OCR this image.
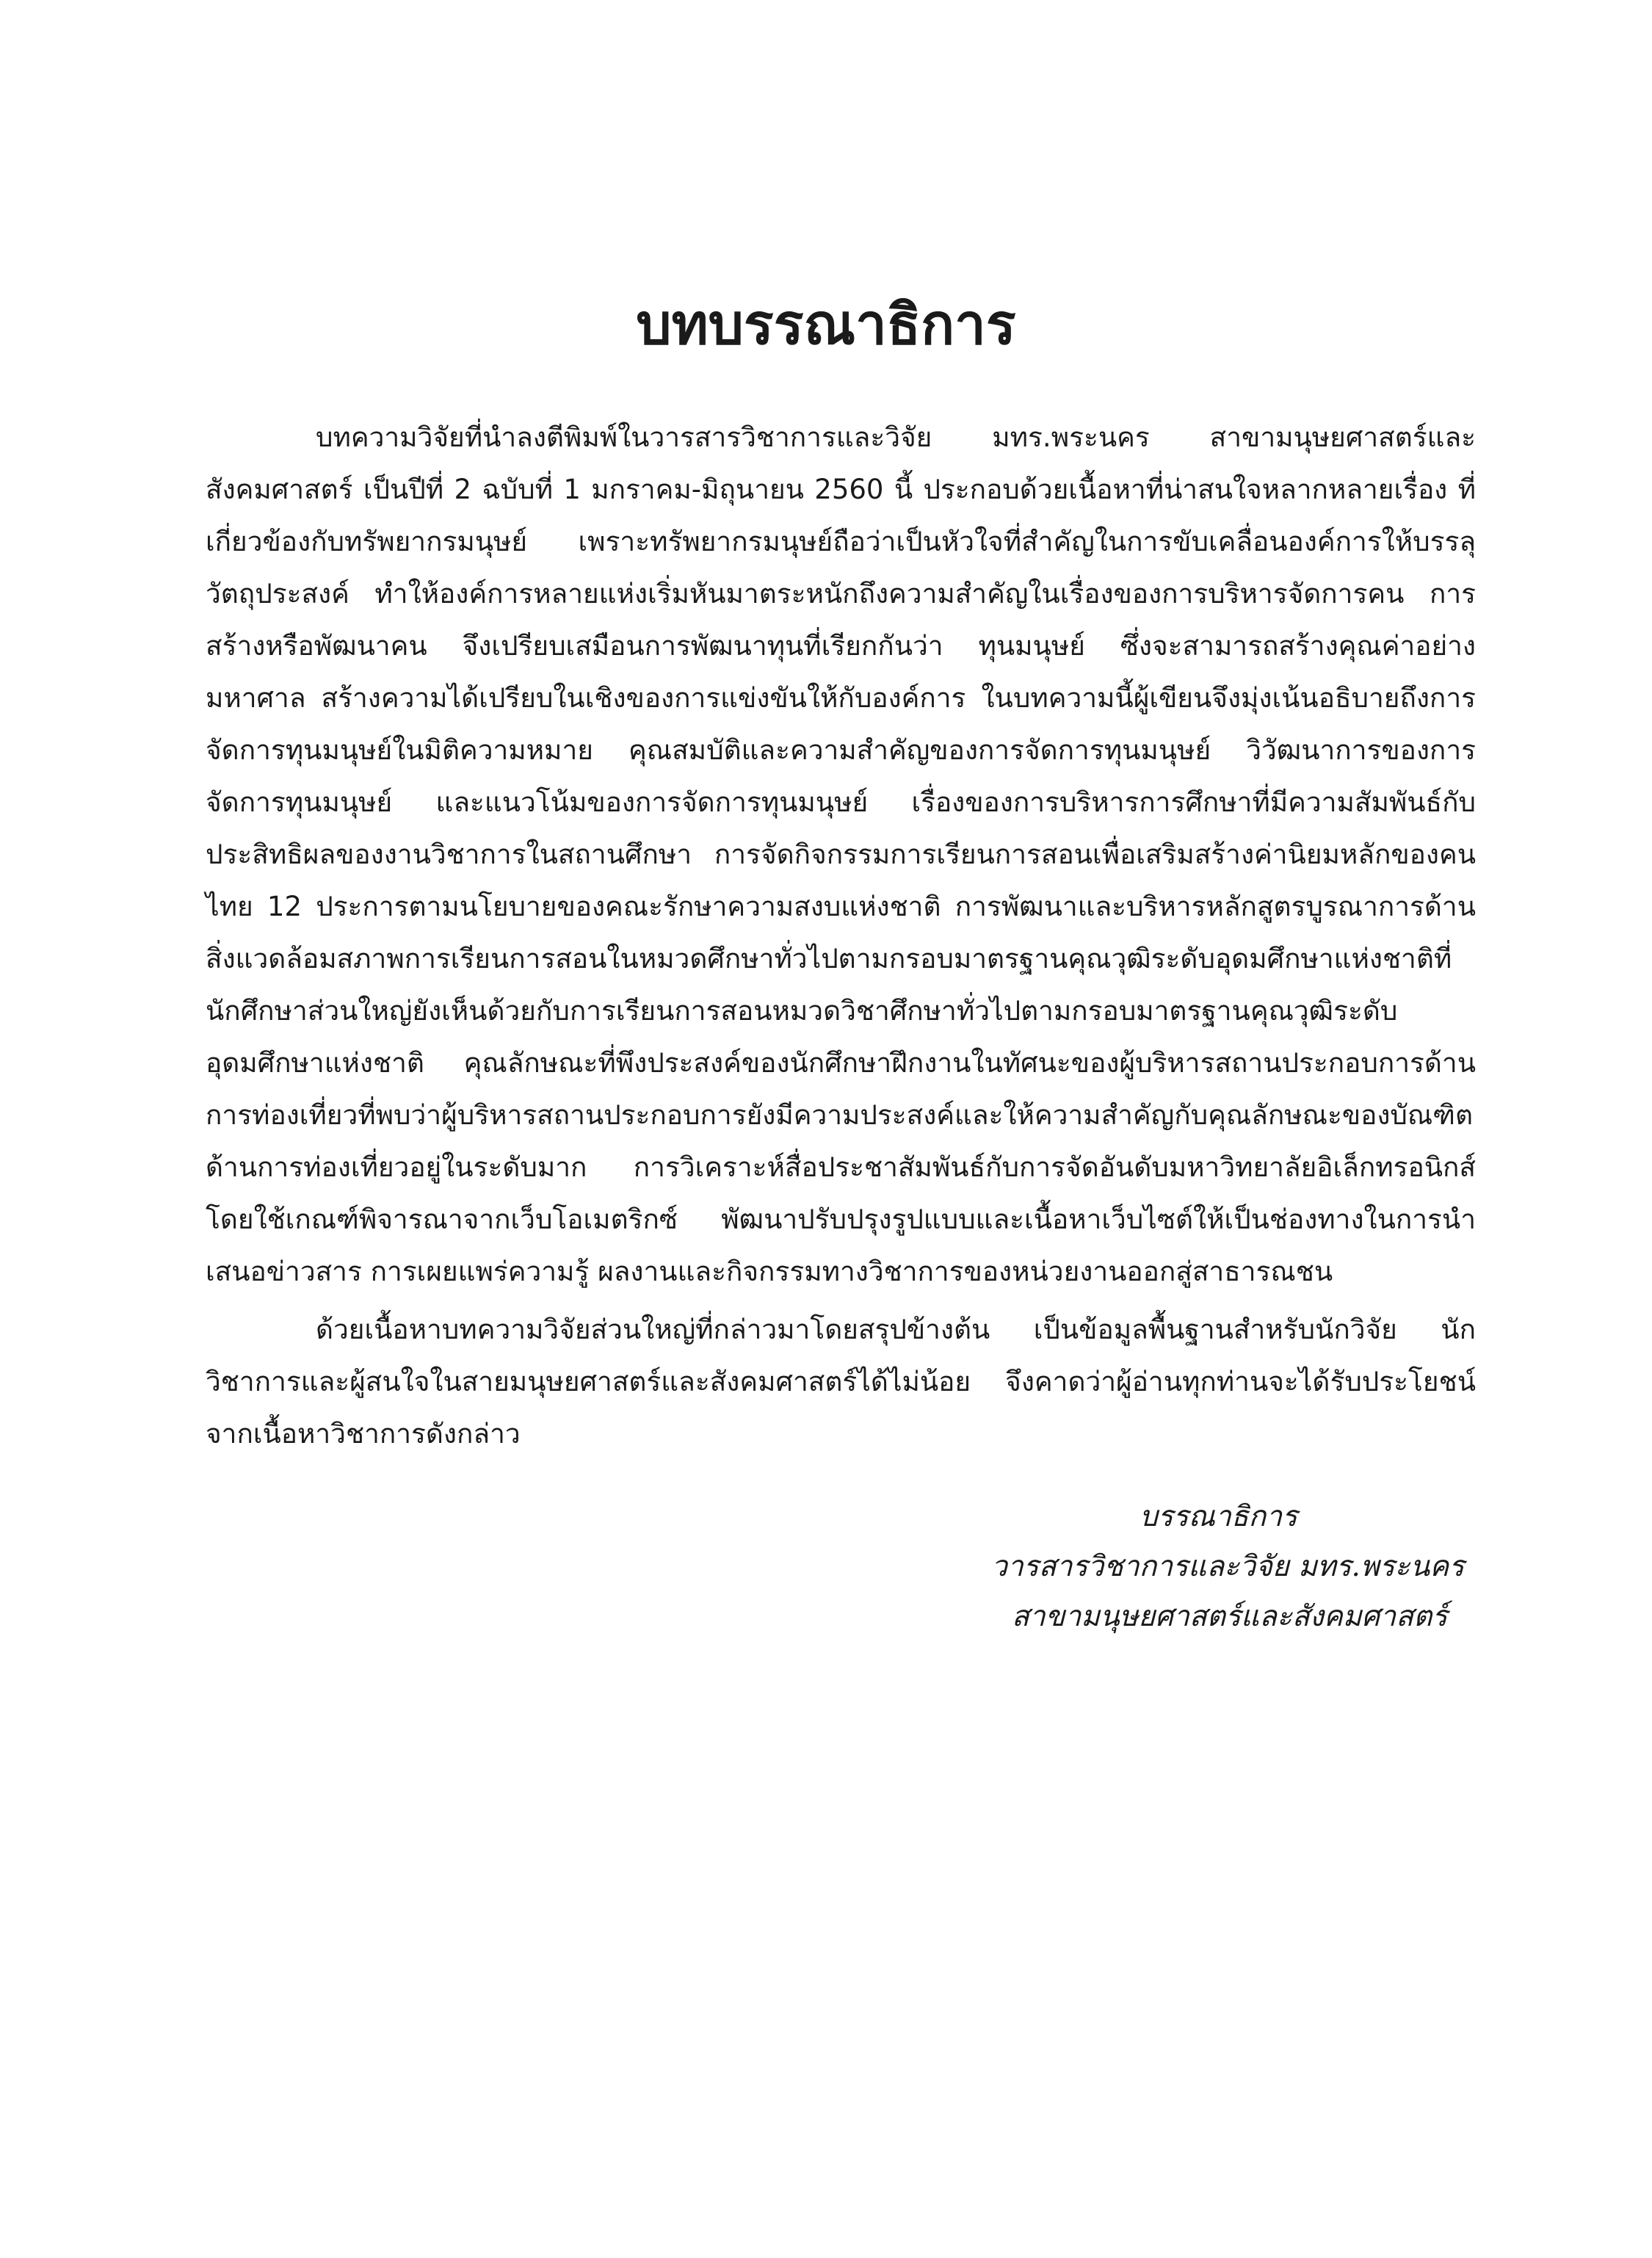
บทบรรณาธิการ

บทความวิจัยที่นำลงตีพิมพ์ในวารสารวิชาการและวิจัย มทร.พระนคร สาขามนุษยศาสตร์และสังคมศาสตร์ เป็นปีที่ 2 ฉบับที่ 1 มกราคม-มิถุนายน 2560 นี้ ประกอบด้วยเนื้อหาที่น่าสนใจหลากหลายเรื่อง ที่เกี่ยวข้องกับทรัพยากรมนุษย์ เพราะทรัพยากรมนุษย์ถือว่าเป็นหัวใจที่สำคัญในการขับเคลื่อนองค์การให้บรรลุวัตถุประสงค์ ทำให้องค์การหลายแห่งเริ่มหันมาตระหนักถึงความสำคัญในเรื่องของการบริหารจัดการคน การสร้างหรือพัฒนาคน จึงเปรียบเสมือนการพัฒนาทุนที่เรียกกันว่า ทุนมนุษย์ ซึ่งจะสามารถสร้างคุณค่าอย่างมหาศาล สร้างความได้เปรียบในเชิงของการแข่งขันให้กับองค์การ ในบทความนี้ผู้เขียนจึงมุ่งเน้นอธิบายถึงการจัดการทุนมนุษย์ในมิติความหมาย คุณสมบัติและความสำคัญของการจัดการทุนมนุษย์ วิวัฒนาการของการจัดการทุนมนุษย์ และแนวโน้มของการจัดการทุนมนุษย์ เรื่องของการบริหารการศึกษาที่มีความสัมพันธ์กับประสิทธิผลของงานวิชาการในสถานศึกษา การจัดกิจกรรมการเรียนการสอนเพื่อเสริมสร้างค่านิยมหลักของคนไทย 12 ประการตามนโยบายของคณะรักษาความสงบแห่งชาติ การพัฒนาและบริหารหลักสูตรบูรณาการด้านสิ่งแวดล้อมสภาพการเรียนการสอนในหมวดศึกษาทั่วไปตามกรอบมาตรฐานคุณวุฒิระดับอุดมศึกษาแห่งชาติที่นักศึกษาส่วนใหญ่ยังเห็นด้วยกับการเรียนการสอนหมวดวิชาศึกษาทั่วไปตามกรอบมาตรฐานคุณวุฒิระดับอุดมศึกษาแห่งชาติ คุณลักษณะที่พึงประสงค์ของนักศึกษาฝึกงานในทัศนะของผู้บริหารสถานประกอบการด้านการท่องเที่ยวที่พบว่าผู้บริหารสถานประกอบการยังมีความประสงค์และให้ความสำคัญกับคุณลักษณะของบัณฑิตด้านการท่องเที่ยวอยู่ในระดับมาก การวิเคราะห์สื่อประชาสัมพันธ์กับการจัดอันดับมหาวิทยาลัยอิเล็กทรอนิกส์ โดยใช้เกณฑ์พิจารณาจากเว็บโอเมตริกซ์ พัฒนาปรับปรุงรูปแบบและเนื้อหาเว็บไซต์ให้เป็นช่องทางในการนำเสนอข่าวสาร การเผยแพร่ความรู้ ผลงานและกิจกรรมทางวิชาการของหน่วยงานออกสู่สาธารณชน

ด้วยเนื้อหาบทความวิจัยส่วนใหญ่ที่กล่าวมาโดยสรุปข้างต้น เป็นข้อมูลพื้นฐานสำหรับนักวิจัย นักวิชาการและผู้สนใจในสายมนุษยศาสตร์และสังคมศาสตร์ได้ไม่น้อย จึงคาดว่าผู้อ่านทุกท่านจะได้รับประโยชน์จากเนื้อหาวิชาการดังกล่าว

บรรณาธิการ
วารสารวิชาการและวิจัย มทร.พระนคร
สาขามนุษยศาสตร์และสังคมศาสตร์
